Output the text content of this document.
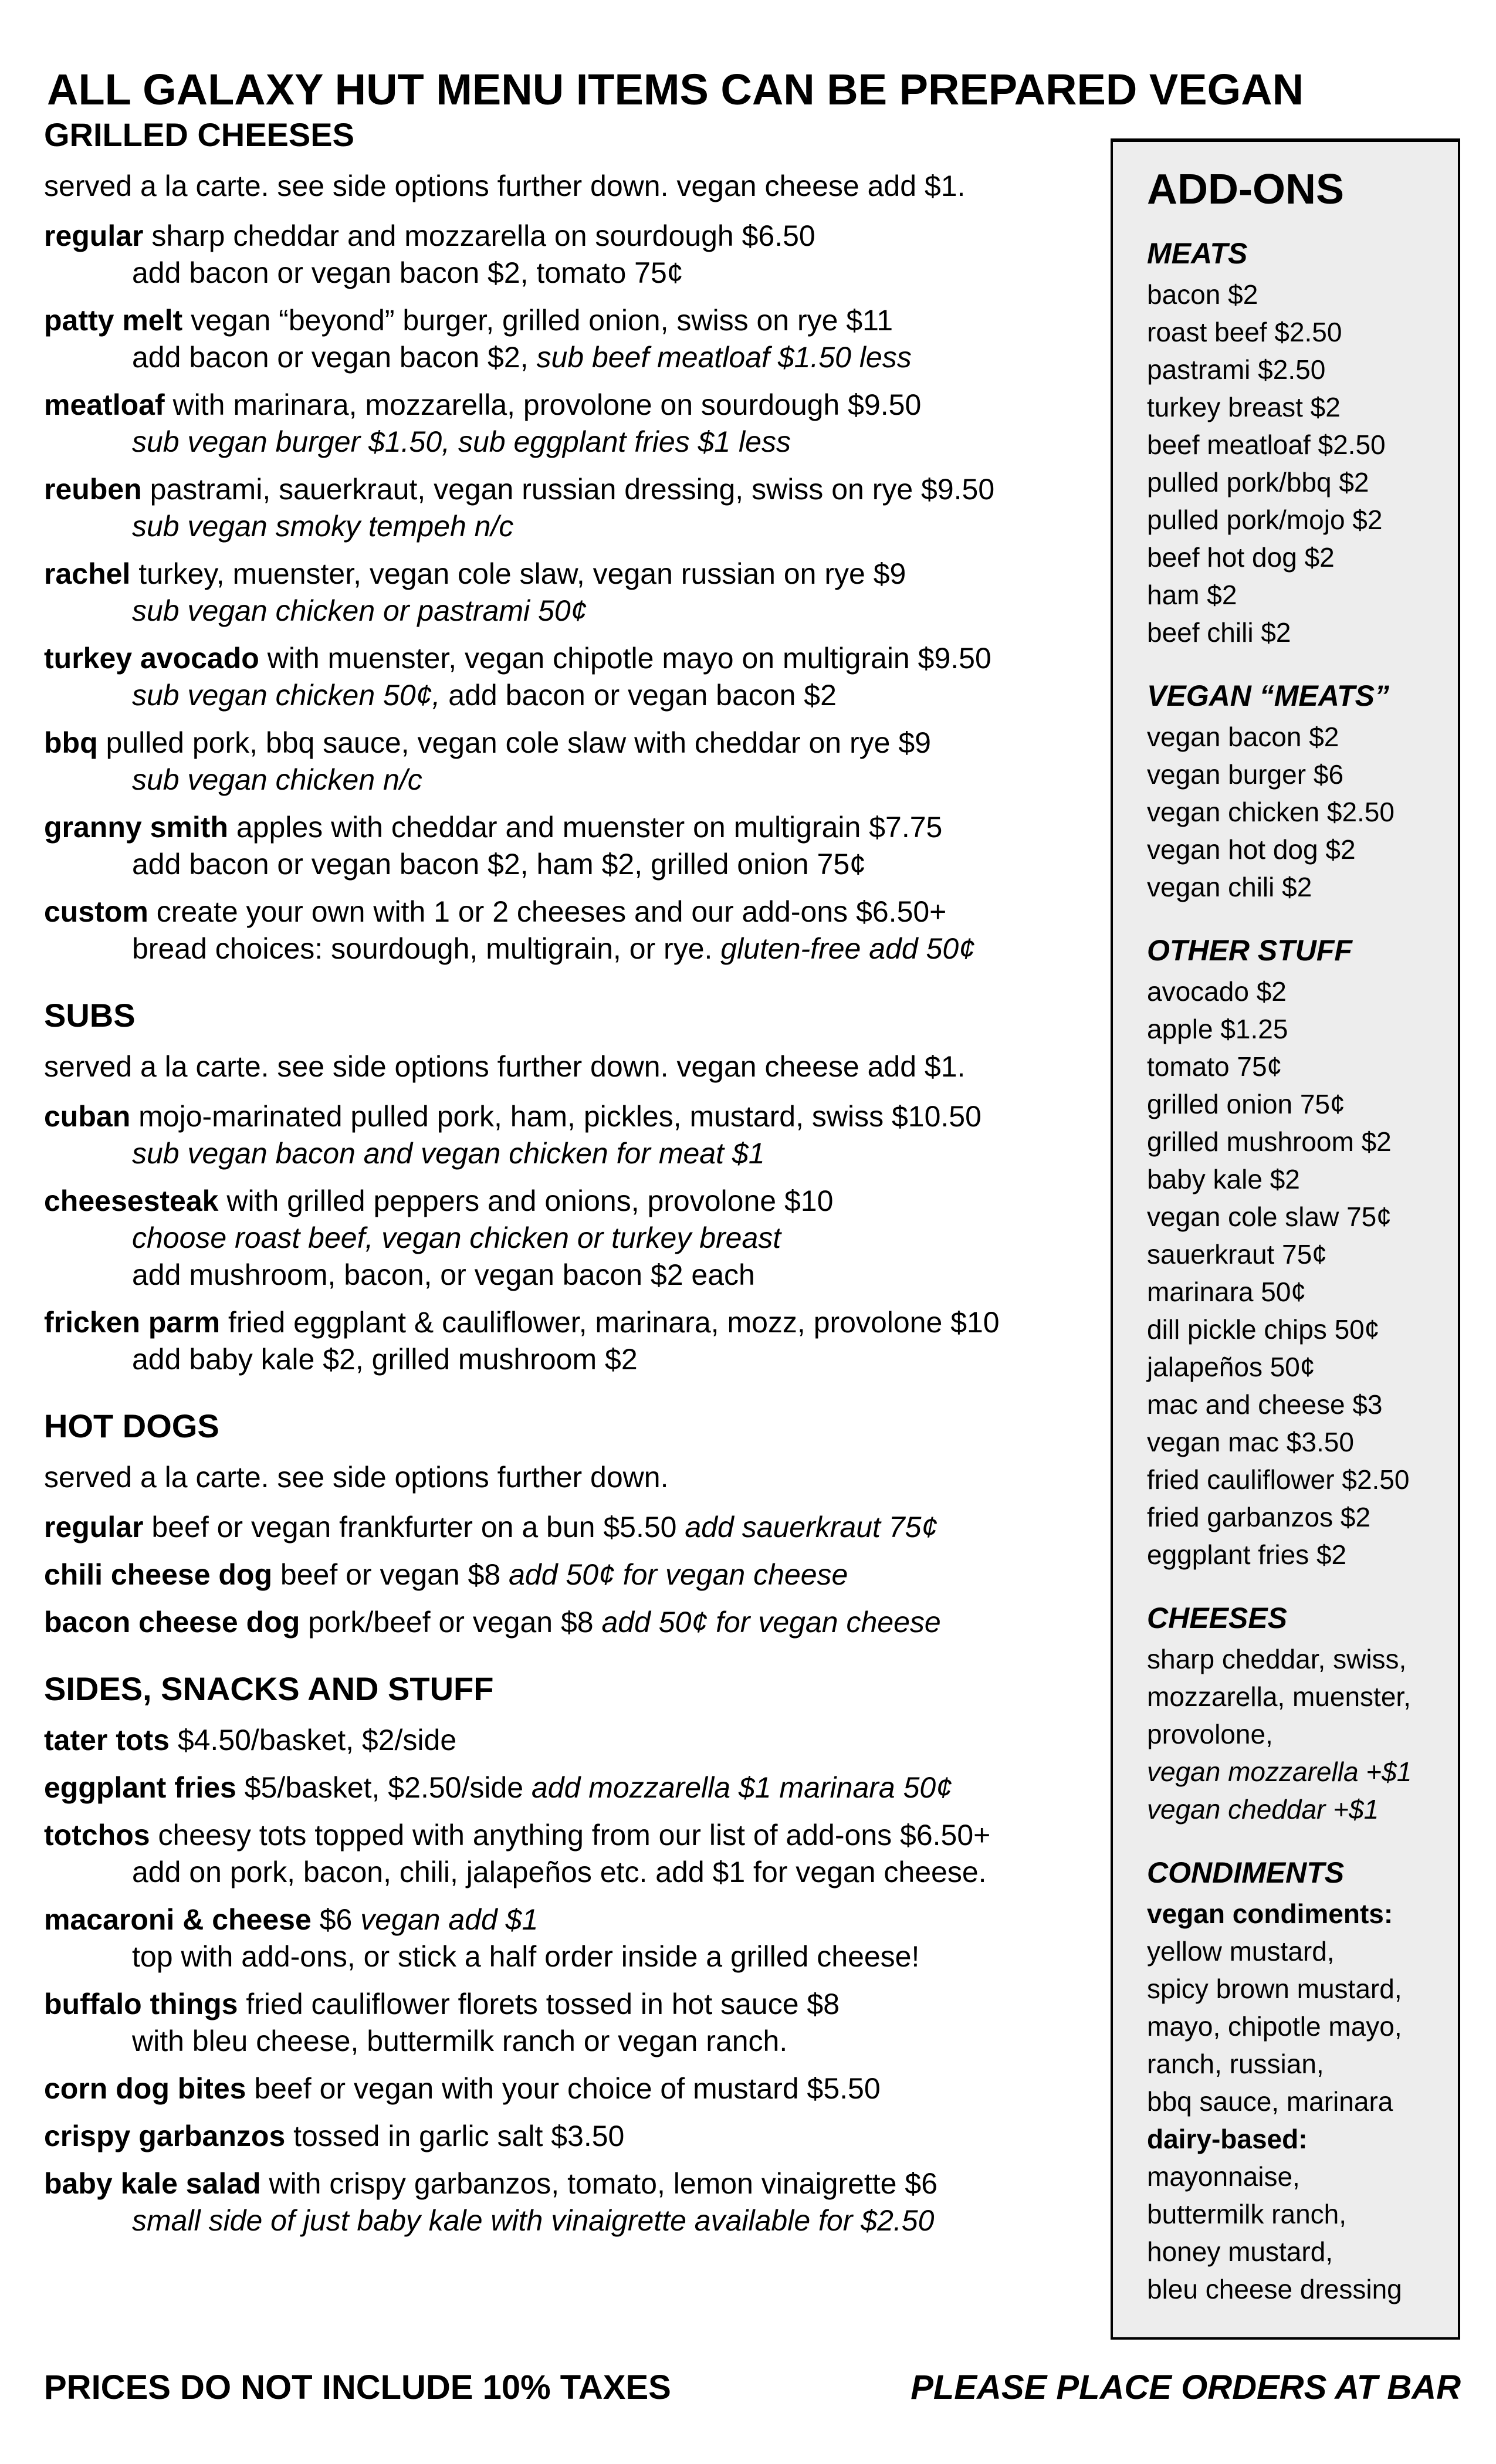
ALL GALAXY HUT MENU ITEMS CAN BE PREPARED VEGAN
GRILLED CHEESES
served a la carte. see side options further down. vegan cheese add $1.
regular sharp cheddar and mozzarella on sourdough $6.50
add bacon or vegan bacon $2, tomato 75¢
patty melt vegan “beyond” burger, grilled onion, swiss on rye $11
add bacon or vegan bacon $2, sub beef meatloaf $1.50 less
meatloaf with marinara, mozzarella, provolone on sourdough $9.50
sub vegan burger $1.50, sub eggplant fries $1 less
reuben pastrami, sauerkraut, vegan russian dressing, swiss on rye $9.50
sub vegan smoky tempeh n/c
rachel turkey, muenster, vegan cole slaw, vegan russian on rye $9
sub vegan chicken or pastrami 50¢
turkey avocado with muenster, vegan chipotle mayo on multigrain $9.50
sub vegan chicken 50¢, add bacon or vegan bacon $2
bbq pulled pork, bbq sauce, vegan cole slaw with cheddar on rye $9
sub vegan chicken n/c
granny smith apples with cheddar and muenster on multigrain $7.75
add bacon or vegan bacon $2, ham $2, grilled onion 75¢
custom create your own with 1 or 2 cheeses and our add-ons $6.50+
bread choices: sourdough, multigrain, or rye. gluten-free add 50¢
SUBS
served a la carte. see side options further down. vegan cheese add $1.
cuban mojo-marinated pulled pork, ham, pickles, mustard, swiss $10.50
sub vegan bacon and vegan chicken for meat $1
cheesesteak with grilled peppers and onions, provolone $10
choose roast beef, vegan chicken or turkey breast
add mushroom, bacon, or vegan bacon $2 each
fricken parm fried eggplant & cauliflower, marinara, mozz, provolone $10
add baby kale $2, grilled mushroom $2
HOT DOGS
served a la carte. see side options further down.
regular beef or vegan frankfurter on a bun $5.50 add sauerkraut 75¢
chili cheese dog beef or vegan $8 add 50¢ for vegan cheese
bacon cheese dog pork/beef or vegan $8 add 50¢ for vegan cheese
SIDES, SNACKS AND STUFF
tater tots $4.50/basket, $2/side
eggplant fries $5/basket, $2.50/side add mozzarella $1 marinara 50¢
totchos cheesy tots topped with anything from our list of add-ons $6.50+
add on pork, bacon, chili, jalapeños etc. add $1 for vegan cheese.
macaroni & cheese $6 vegan add $1
top with add-ons, or stick a half order inside a grilled cheese!
buffalo things fried cauliflower florets tossed in hot sauce $8
with bleu cheese, buttermilk ranch or vegan ranch.
corn dog bites beef or vegan with your choice of mustard $5.50
crispy garbanzos tossed in garlic salt $3.50
baby kale salad with crispy garbanzos, tomato, lemon vinaigrette $6
small side of just baby kale with vinaigrette available for $2.50
ADD-ONS
MEATS
bacon $2
roast beef $2.50
pastrami $2.50
turkey breast $2
beef meatloaf $2.50
pulled pork/bbq $2
pulled pork/mojo $2
beef hot dog $2
ham $2
beef chili $2
VEGAN “MEATS”
vegan bacon $2
vegan burger $6
vegan chicken $2.50
vegan hot dog $2
vegan chili $2
OTHER STUFF
avocado $2
apple $1.25
tomato 75¢
grilled onion 75¢
grilled mushroom $2
baby kale $2
vegan cole slaw 75¢
sauerkraut 75¢
marinara 50¢
dill pickle chips 50¢
jalapeños 50¢
mac and cheese $3
vegan mac $3.50
fried cauliflower $2.50
fried garbanzos $2
eggplant fries $2
CHEESES
sharp cheddar, swiss,
mozzarella, muenster,
provolone,
vegan mozzarella +$1
vegan cheddar +$1
CONDIMENTS
vegan condiments:
yellow mustard,
spicy brown mustard,
mayo, chipotle mayo,
ranch, russian,
bbq sauce, marinara
dairy-based:
mayonnaise,
buttermilk ranch,
honey mustard,
bleu cheese dressing
PRICES DO NOT INCLUDE 10% TAXES	PLEASE PLACE ORDERS AT BAR
